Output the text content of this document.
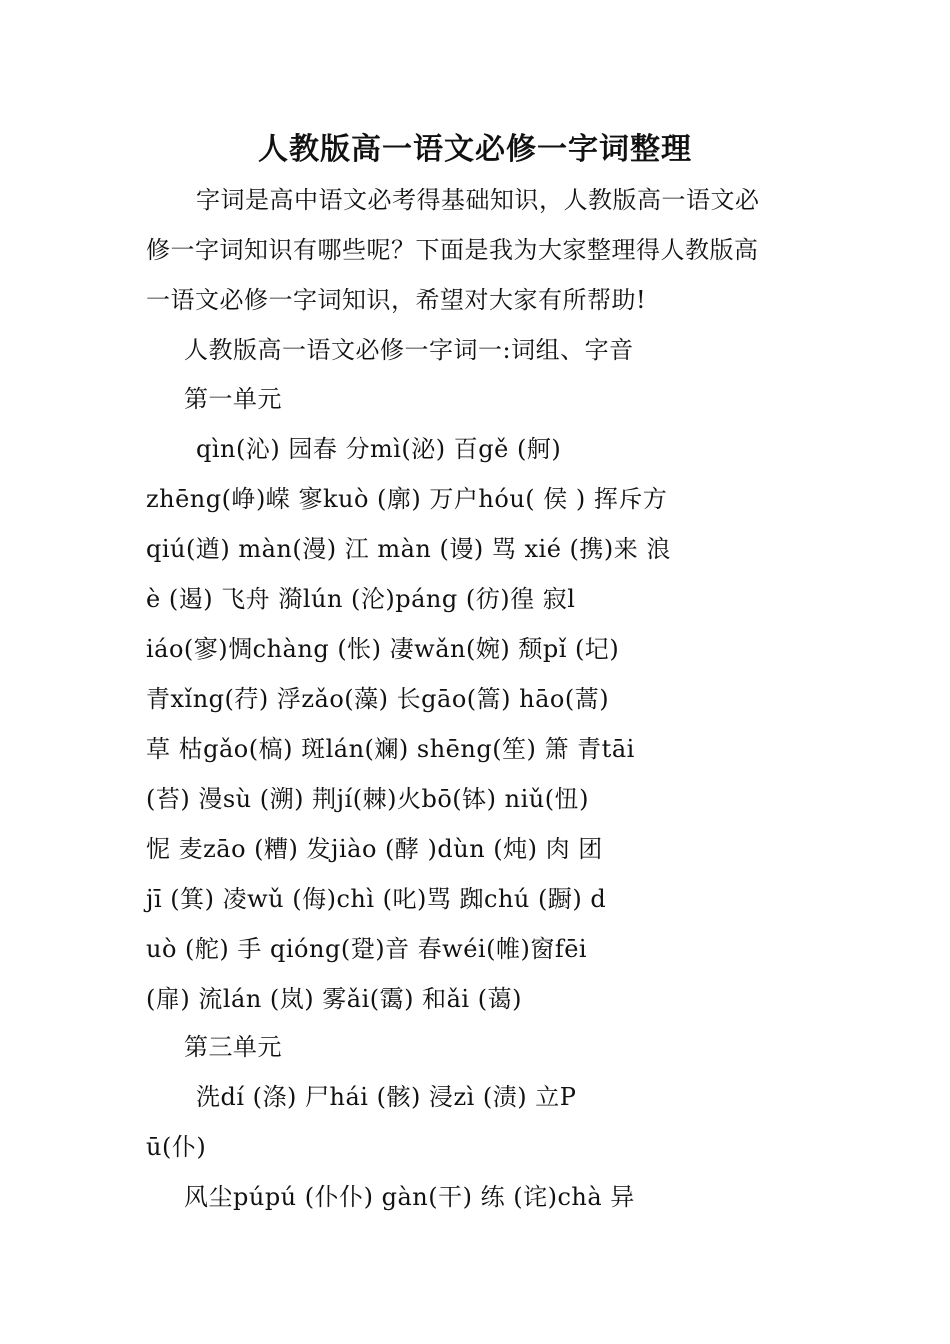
人教版高一语文必修一字词整理
字词是高中语文必考得基础知识，人教版高一语文必
修一字词知识有哪些呢？下面是我为大家整理得人教版高
一语文必修一字词知识，希望对大家有所帮助!
人教版高一语文必修一字词一:词组、字音
第一单元
qìn(沁) 园春 分mì(泌) 百gě (舸)
zhēng(峥)嵘 寥kuò (廓) 万户hóu( 侯 ) 挥斥方
qiú(遒) màn(漫) 江 màn (谩) 骂 xié (携)来 浪
è (遏) 飞舟 漪lún (沦)páng (彷)徨 寂l
iáo(寥)惆chàng (怅) 凄wǎn(婉) 颓pǐ (圮)
青xǐng(荇) 浮zǎo(藻) 长gāo(篙) hāo(蒿)
草 枯gǎo(槁) 斑lán(斓) shēng(笙) 箫 青tāi
(苔) 漫sù (溯) 荆jí(棘)火bō(钵) niǔ(忸)
怩 麦zāo (糟) 发jiào (酵 )dùn (炖) 肉 团
jī (箕) 凌wǔ (侮)chì (叱)骂 踟chú (蹰) d
uò (舵) 手 qióng(跫)音 春wéi(帷)窗fēi
(扉) 流lán (岚) 雾ǎi(霭) 和ǎi (蔼)
第三单元
洗dí (涤) 尸hái (骸) 浸zì (渍) 立P
ū(仆)
风尘púpú (仆仆) gàn(干) 练 (诧)chà 异
